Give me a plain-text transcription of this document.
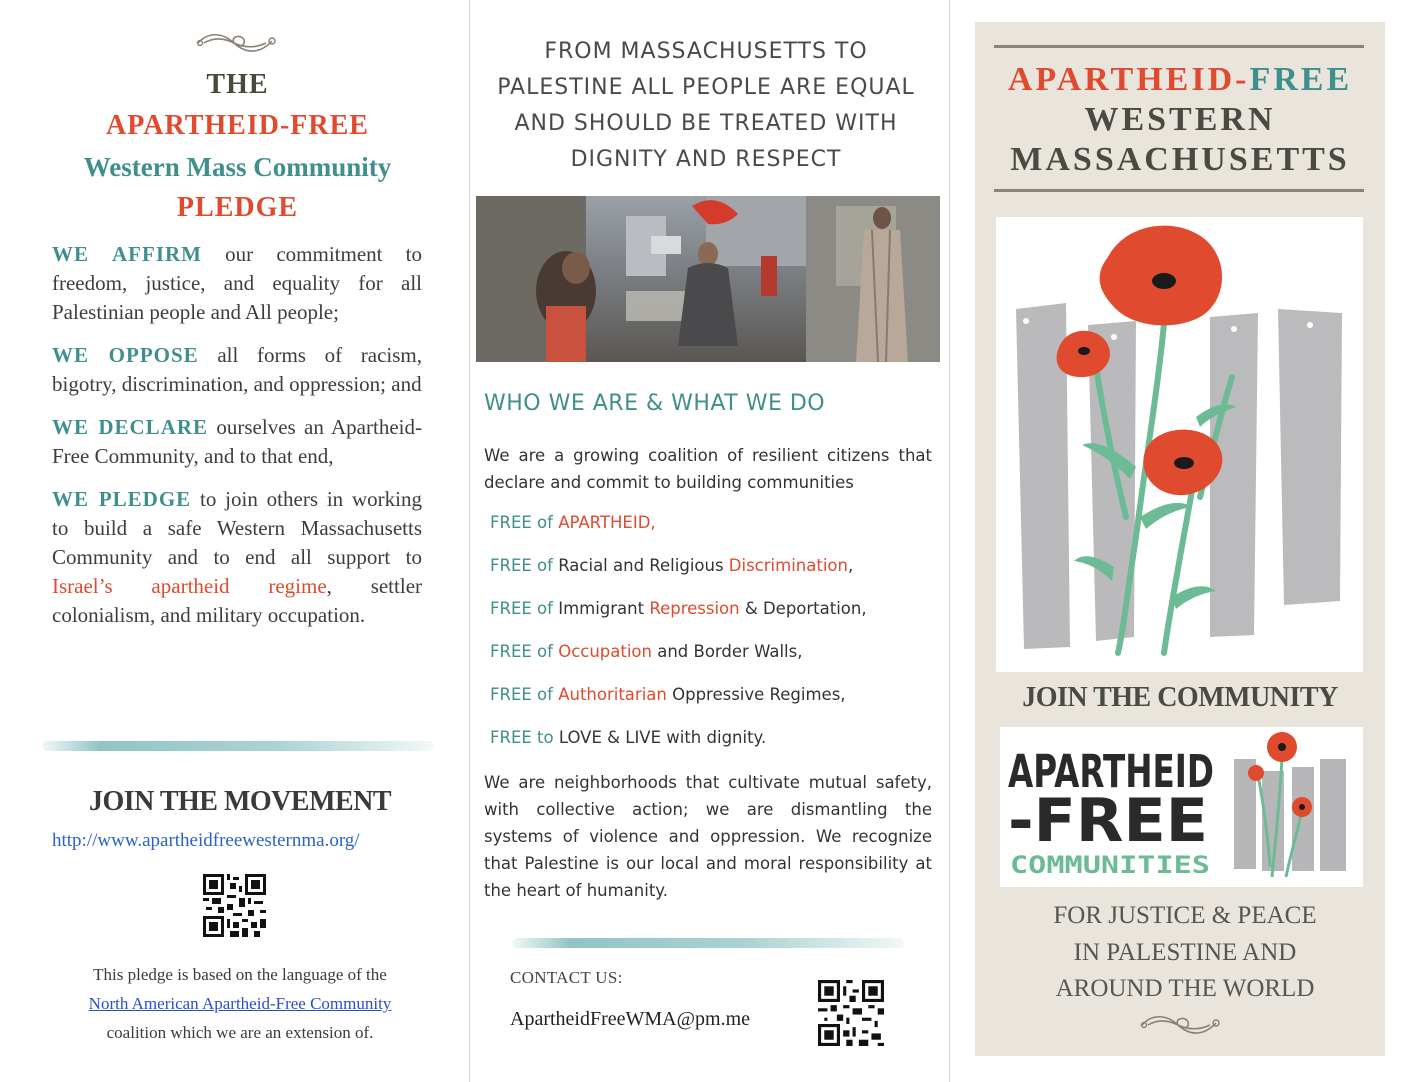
THE
APARTHEID-FREE
Western Mass Community
PLEDGE

WE AFFIRM our commitment to freedom, justice, and equality for all Palestinian people and All people;

WE OPPOSE all forms of racism, bigotry, discrimination, and oppression; and

WE DECLARE ourselves an Apartheid-Free Community, and to that end,

WE PLEDGE to join others in working to build a safe Western Massachusetts Community and to end all support to Israel’s apartheid regime, settler colonialism, and military occupation.

JOIN THE MOVEMENT
http://www.apartheidfreewesternma.org/
This pledge is based on the language of the
North American Apartheid-Free Community
coalition which we are an extension of.
FROM MASSACHUSETTS TO PALESTINE ALL PEOPLE ARE EQUAL AND SHOULD BE TREATED WITH DIGNITY AND RESPECT
WHO WE ARE & WHAT WE DO
We are a growing coalition of resilient citizens that declare and commit to building communities
FREE of APARTHEID,
FREE of Racial and Religious Discrimination,
FREE of Immigrant Repression & Deportation,
FREE of Occupation and Border Walls,
FREE of Authoritarian Oppressive Regimes,
FREE to LOVE & LIVE with dignity.
We are neighborhoods that cultivate mutual safety, with collective action; we are dismantling the systems of violence and oppression. We recognize that Palestine is our local and moral responsibility at the heart of humanity.
CONTACT US:
ApartheidFreeWMA@pm.me
APARTHEID-FREE
WESTERN
MASSACHUSETTS
JOIN THE COMMUNITY
APARTHEID
-FREE
COMMUNITIES
FOR JUSTICE & PEACE
IN PALESTINE AND
AROUND THE WORLD
